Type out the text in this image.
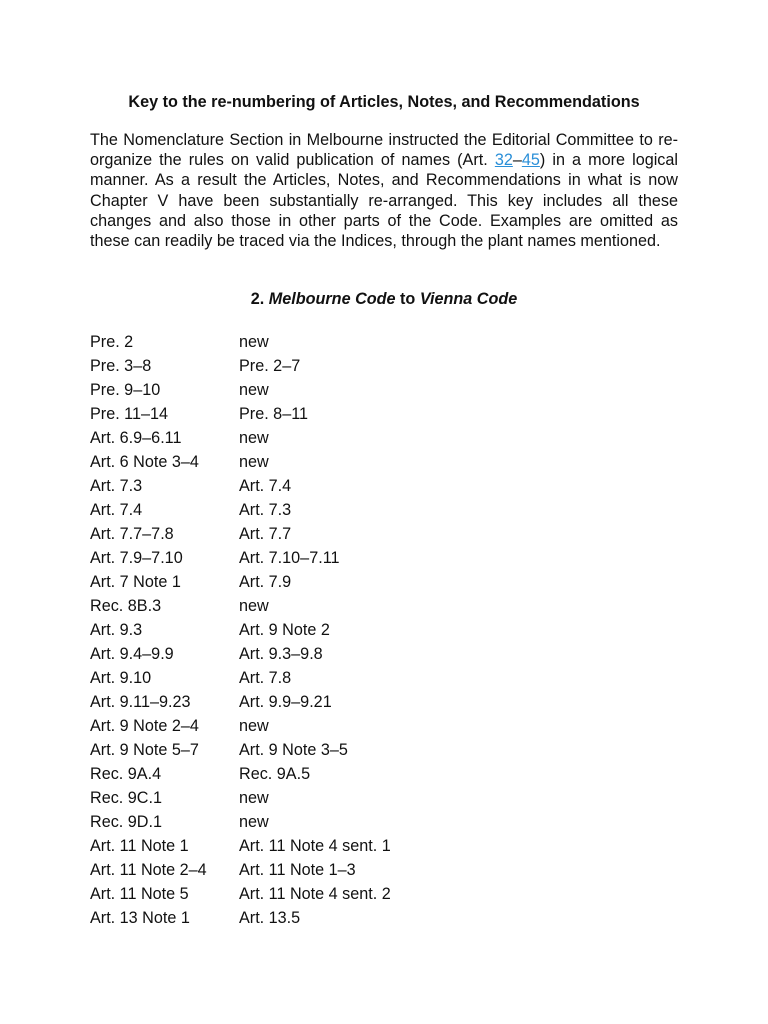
Key to the re-numbering of Articles, Notes, and Recommendations

The Nomenclature Section in Melbourne instructed the Editorial Committee to re-organize the rules on valid publication of names (Art. 32–45) in a more logical manner. As a result the Articles, Notes, and Recommendations in what is now Chapter V have been substantially re-arranged. This key includes all these changes and also those in other parts of the Code. Examples are omitted as these can readily be traced via the Indices, through the plant names mentioned.

2. Melbourne Code to Vienna Code
Pre. 2	new
Pre. 3–8	Pre. 2–7
Pre. 9–10	new
Pre. 11–14	Pre. 8–11
Art. 6.9–6.11	new
Art. 6 Note 3–4	new
Art. 7.3	Art. 7.4
Art. 7.4	Art. 7.3
Art. 7.7–7.8	Art. 7.7
Art. 7.9–7.10	Art. 7.10–7.11
Art. 7 Note 1	Art. 7.9
Rec. 8B.3	new
Art. 9.3	Art. 9 Note 2
Art. 9.4–9.9	Art. 9.3–9.8
Art. 9.10	Art. 7.8
Art. 9.11–9.23	Art. 9.9–9.21
Art. 9 Note 2–4	new
Art. 9 Note 5–7	Art. 9 Note 3–5
Rec. 9A.4	Rec. 9A.5
Rec. 9C.1	new
Rec. 9D.1	new
Art. 11 Note 1	Art. 11 Note 4 sent. 1
Art. 11 Note 2–4	Art. 11 Note 1–3
Art. 11 Note 5	Art. 11 Note 4 sent. 2
Art. 13 Note 1	Art. 13.5
